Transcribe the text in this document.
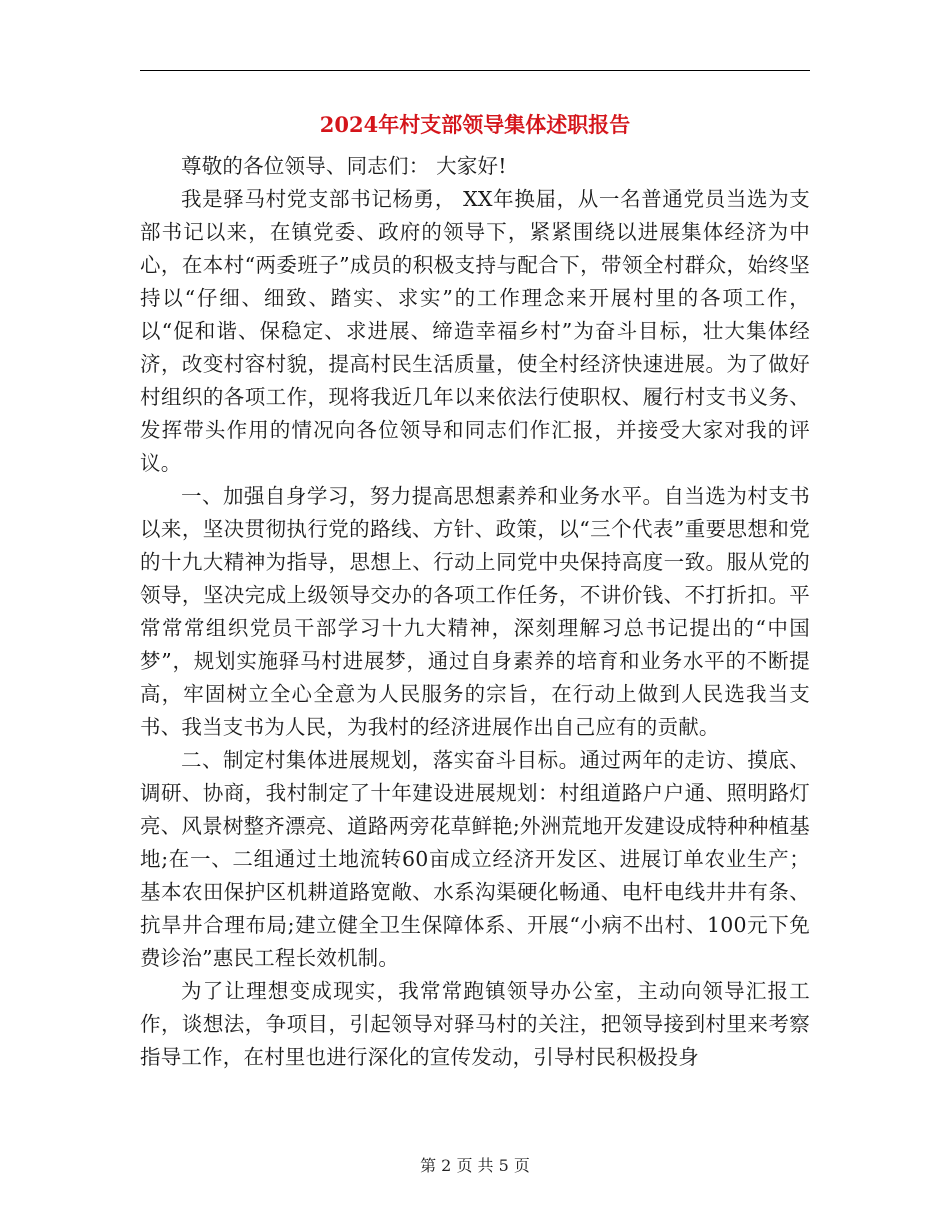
2024年村支部领导集体述职报告

尊敬的各位领导、同志们： 大家好!

我是驿马村党支部书记杨勇， XX年换届，从一名普通党员当选为支部书记以来，在镇党委、政府的领导下，紧紧围绕以进展集体经济为中心，在本村“两委班子”成员的积极支持与配合下，带领全村群众，始终坚持以“仔细、细致、踏实、求实”的工作理念来开展村里的各项工作，以“促和谐、保稳定、求进展、缔造幸福乡村”为奋斗目标，壮大集体经济，改变村容村貌，提高村民生活质量，使全村经济快速进展。为了做好村组织的各项工作，现将我近几年以来依法行使职权、履行村支书义务、发挥带头作用的情况向各位领导和同志们作汇报，并接受大家对我的评议。

一、加强自身学习，努力提高思想素养和业务水平。自当选为村支书以来，坚决贯彻执行党的路线、方针、政策，以“三个代表”重要思想和党的十九大精神为指导，思想上、行动上同党中央保持高度一致。服从党的领导，坚决完成上级领导交办的各项工作任务，不讲价钱、不打折扣。平常常常组织党员干部学习十九大精神，深刻理解习总书记提出的“中国梦”，规划实施驿马村进展梦，通过自身素养的培育和业务水平的不断提高，牢固树立全心全意为人民服务的宗旨，在行动上做到人民选我当支书、我当支书为人民，为我村的经济进展作出自己应有的贡献。

二、制定村集体进展规划，落实奋斗目标。通过两年的走访、摸底、调研、协商，我村制定了十年建设进展规划：村组道路户户通、照明路灯亮、风景树整齐漂亮、道路两旁花草鲜艳;外洲荒地开发建设成特种种植基地;在一、二组通过土地流转60亩成立经济开发区、进展订单农业生产；基本农田保护区机耕道路宽敞、水系沟渠硬化畅通、电杆电线井井有条、抗旱井合理布局;建立健全卫生保障体系、开展“小病不出村、100元下免费诊治”惠民工程长效机制。

为了让理想变成现实，我常常跑镇领导办公室，主动向领导汇报工作，谈想法，争项目，引起领导对驿马村的关注，把领导接到村里来考察指导工作，在村里也进行深化的宣传发动，引导村民积极投身

第 2 页 共 5 页
